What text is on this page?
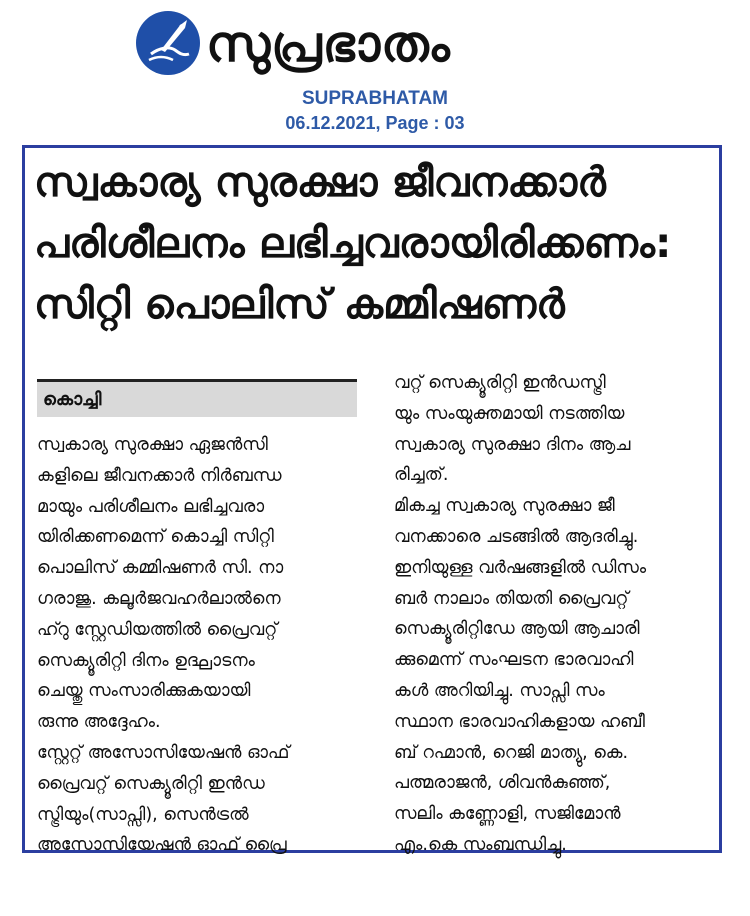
സുപ്രഭാതം
SUPRABHATAM
06.12.2021, Page : 03
സ്വകാര്യ സുരക്ഷാ ജീവനക്കാർ
പരിശീലനം ലഭിച്ചവരായിരിക്കണം:
സിറ്റി പൊലിസ് കമ്മിഷണർ
കൊച്ചി

സ്വകാര്യ സുരക്ഷാ ഏജൻസി

കളിലെ ജീവനക്കാർ നിർബന്ധ

മായും പരിശീലനം ലഭിച്ചവരാ

യിരിക്കണമെന്ന് കൊച്ചി സിറ്റി

പൊലിസ് കമ്മിഷണർ സി. നാ

ഗരാജു. കലൂർജവഹർലാൽനെ

ഹ്റു സ്റ്റേഡിയത്തിൽ പ്രൈവറ്റ്

സെക്യൂരിറ്റി ദിനം ഉദ്ഘാടനം

ചെയ്തു സംസാരിക്കുകയായി

രുന്നു അദ്ദേഹം.

സ്റ്റേറ്റ് അസോസിയേഷൻ ഓഫ്

പ്രൈവറ്റ് സെക്യൂരിറ്റി ഇൻഡ

സ്ട്രിയും(സാപ്സി), സെൻട്രൽ

അസോസിയേഷൻ ഓഫ് പ്രൈ

വറ്റ് സെക്യൂരിറ്റി ഇൻഡസ്ട്രി

യും സംയുക്തമായി നടത്തിയ

സ്വകാര്യ സുരക്ഷാ ദിനം ആച

രിച്ചത്.

മികച്ച സ്വകാര്യ സുരക്ഷാ ജീ

വനക്കാരെ ചടങ്ങിൽ ആദരിച്ചു.

ഇനിയുള്ള വർഷങ്ങളിൽ ഡിസം

ബർ നാലാം തിയതി പ്രൈവറ്റ്

സെക്യൂരിറ്റിഡേ ആയി ആചാരി

ക്കുമെന്ന് സംഘടന ഭാരവാഹി

കൾ അറിയിച്ചു. സാപ്സി സം

സ്ഥാന ഭാരവാഹികളായ ഹബീ

ബ് റഹ്മാൻ, റെജി മാത്യു, കെ.

പത്മരാജൻ, ശിവൻകുഞ്ഞ്,

സലിം കണ്ണോളി, സജിമോൻ

എം.കെ സംബന്ധിച്ചു.
